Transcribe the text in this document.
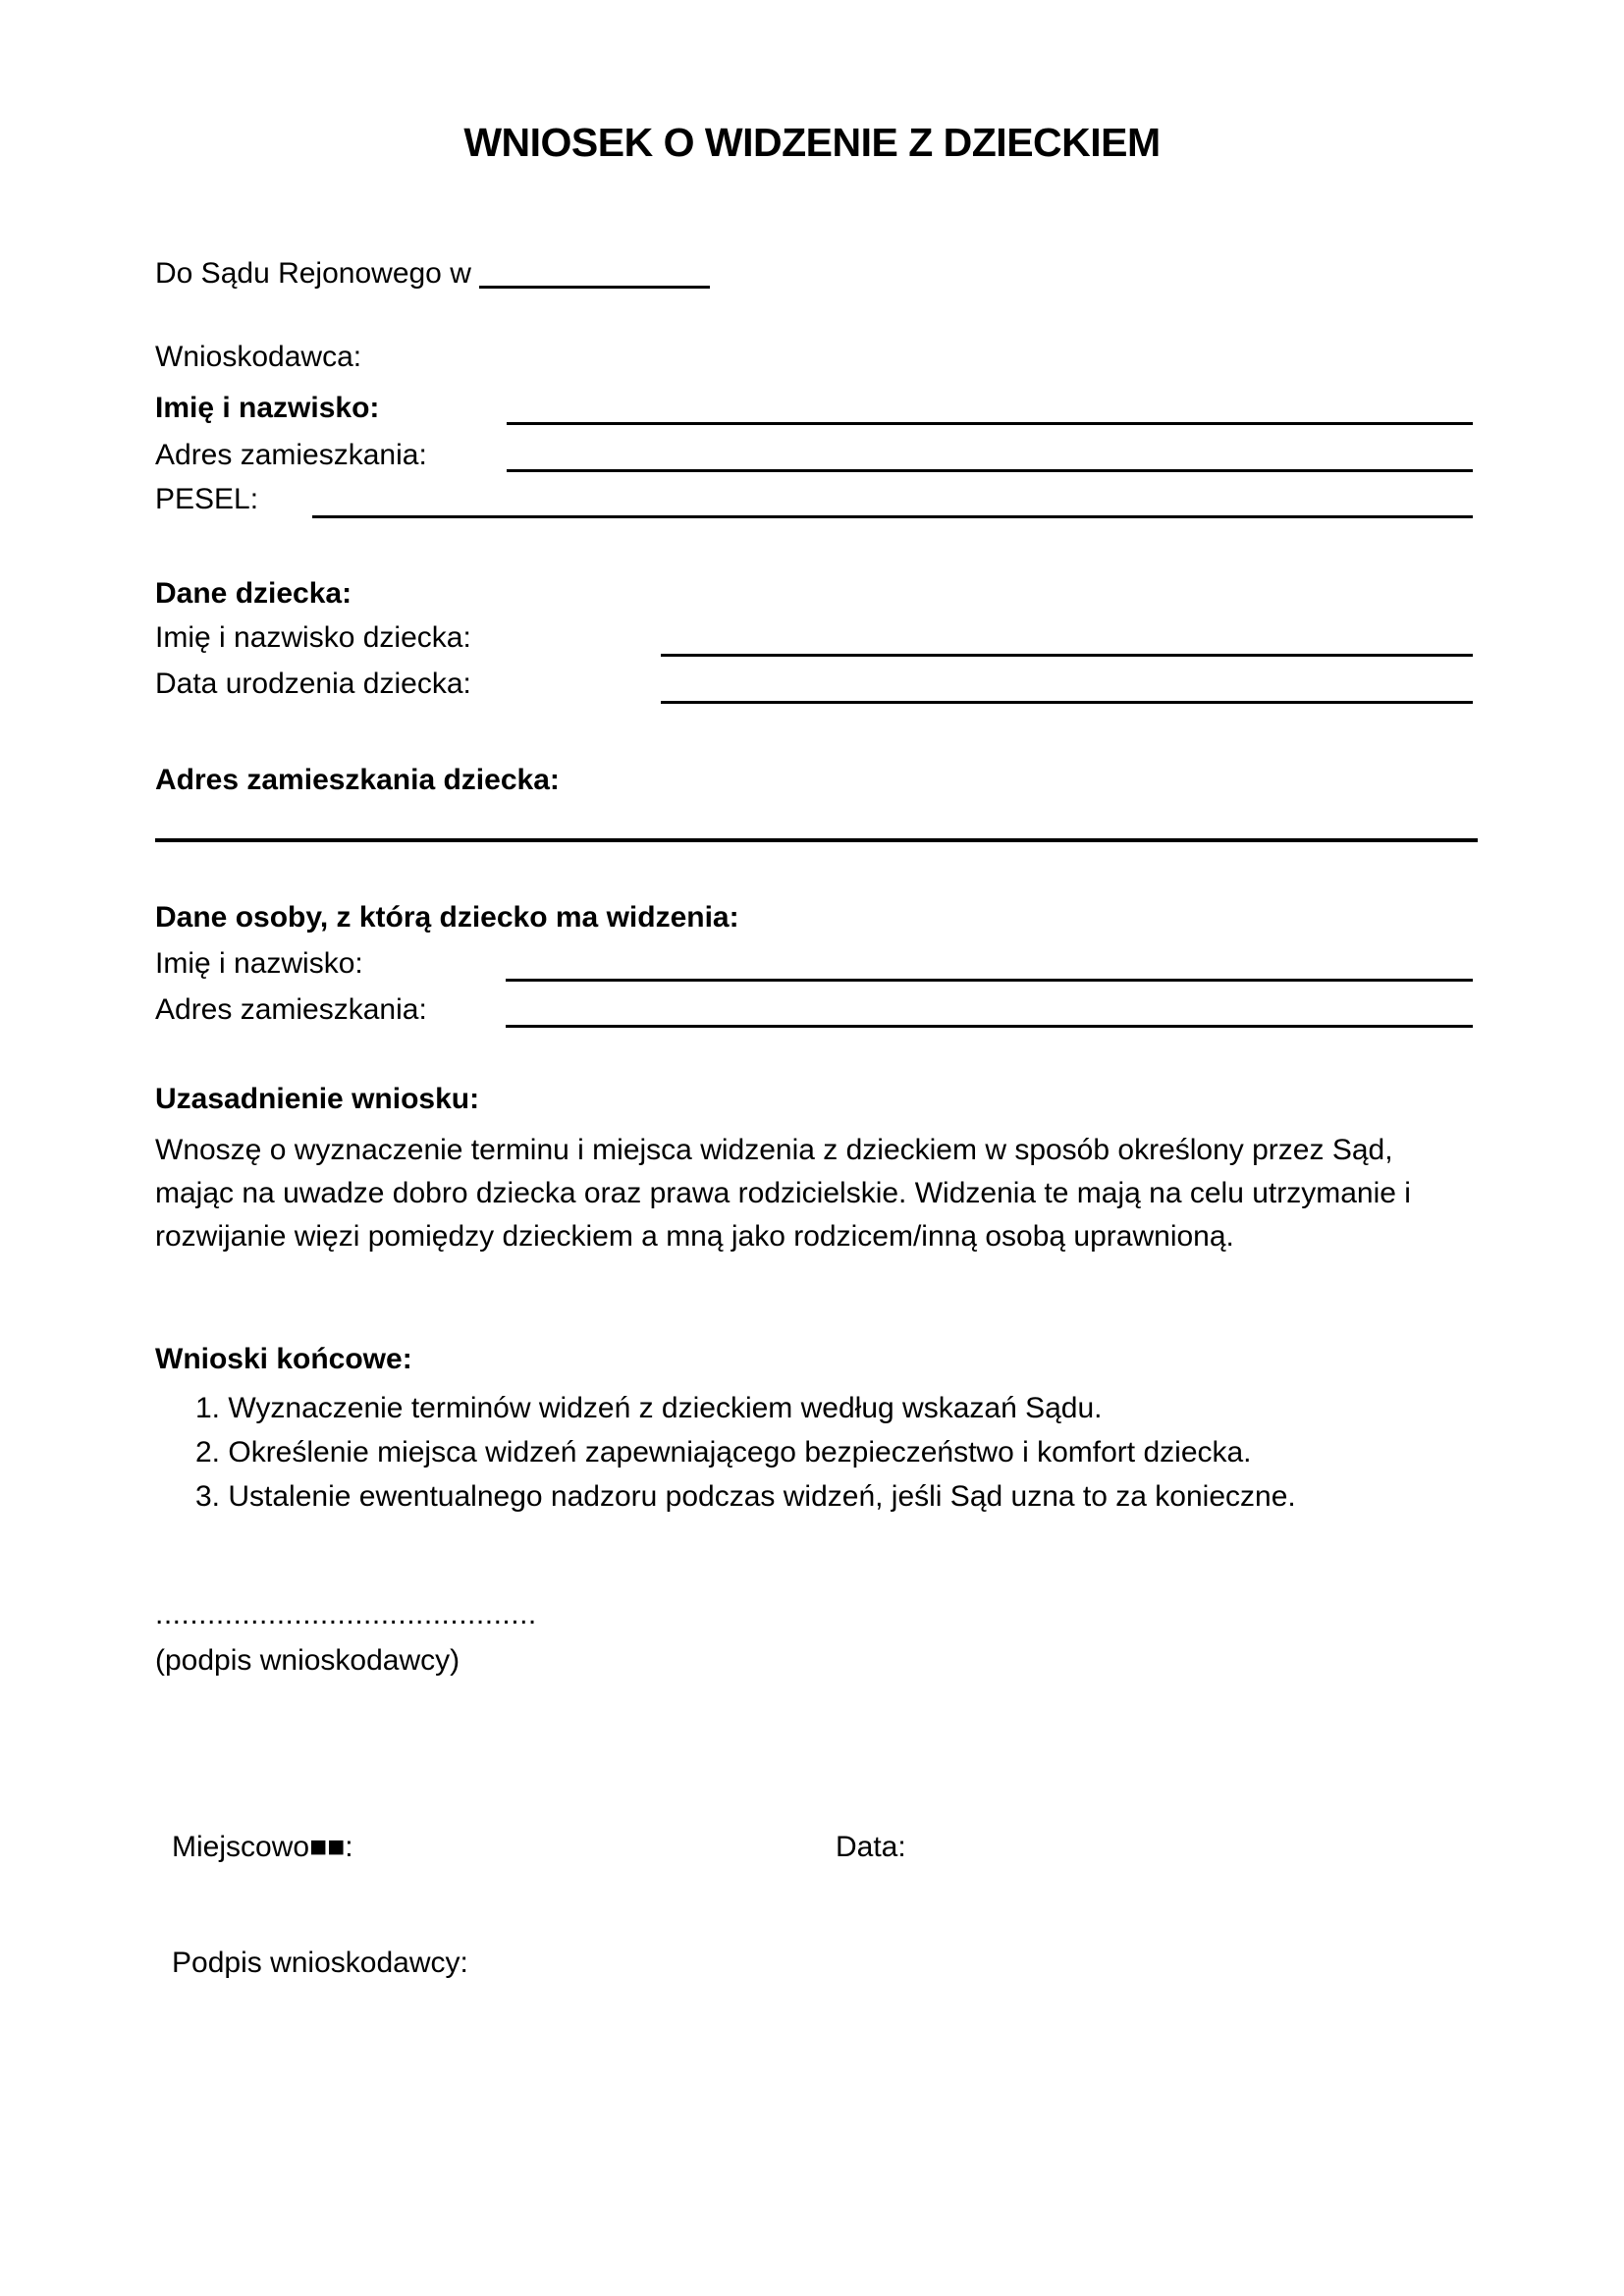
WNIOSEK O WIDZENIE Z DZIECKIEM
Do Sądu Rejonowego w
Wnioskodawca:
Imię i nazwisko:
Adres zamieszkania:
PESEL:
Dane dziecka:
Imię i nazwisko dziecka:
Data urodzenia dziecka:
Adres zamieszkania dziecka:
Dane osoby, z którą dziecko ma widzenia:
Imię i nazwisko:
Adres zamieszkania:
Uzasadnienie wniosku:
Wnoszę o wyznaczenie terminu i miejsca widzenia z dzieckiem w sposób określony przez Sąd, mając na uwadze dobro dziecka oraz prawa rodzicielskie. Widzenia te mają na celu utrzymanie i rozwijanie więzi pomiędzy dzieckiem a mną jako rodzicem/inną osobą uprawnioną.
Wnioski końcowe:
1. Wyznaczenie terminów widzeń z dzieckiem według wskazań Sądu.
2. Określenie miejsca widzeń zapewniającego bezpieczeństwo i komfort dziecka.
3. Ustalenie ewentualnego nadzoru podczas widzeń, jeśli Sąd uzna to za konieczne.
............................................
(podpis wnioskodawcy)
Miejscowo■■:	Data:
Podpis wnioskodawcy:
